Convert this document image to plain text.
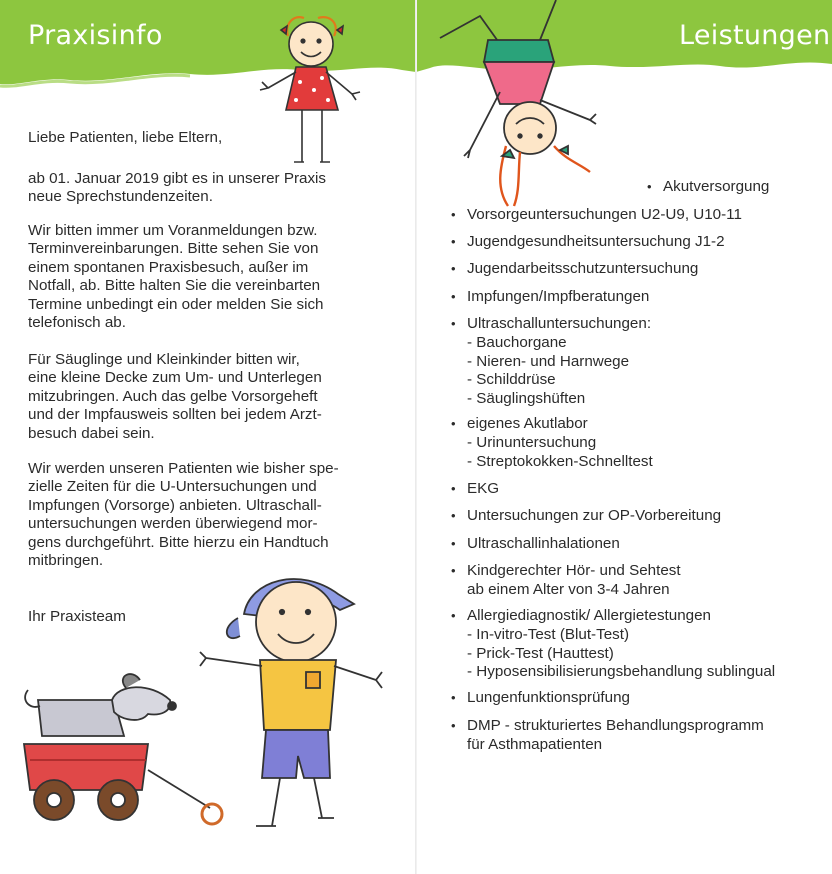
Praxisinfo	Leistungen

Liebe Patienten, liebe Eltern,

ab 01. Januar 2019 gibt es in unserer Praxis
neue Sprechstundenzeiten.

Wir bitten immer um Voranmeldungen bzw.
Terminvereinbarungen. Bitte sehen Sie von
einem spontanen Praxisbesuch, außer im
Notfall, ab. Bitte halten Sie die vereinbarten
Termine unbedingt ein oder melden Sie sich
telefonisch ab.

Für Säuglinge und Kleinkinder bitten wir,
eine kleine Decke zum Um- und Unterlegen
mitzubringen. Auch das gelbe Vorsorgeheft
und der Impfausweis sollten bei jedem Arzt-
besuch dabei sein.

Wir werden unseren Patienten wie bisher spe-
zielle Zeiten für die U-Untersuchungen und
Impfungen (Vorsorge) anbieten. Ultraschall-
untersuchungen werden überwiegend mor-
gens durchgeführt. Bitte hierzu ein Handtuch
mitbringen.

Ihr Praxisteam

• Akutversorgung
• Vorsorgeuntersuchungen U2-U9, U10-11
• Jugendgesundheitsuntersuchung J1-2
• Jugendarbeitsschutzuntersuchung
• Impfungen/Impfberatungen
• Ultraschalluntersuchungen:
- Bauchorgane
- Nieren- und Harnwege
- Schilddrüse
- Säuglingshüften
• eigenes Akutlabor
- Urinuntersuchung
- Streptokokken-Schnelltest
• EKG
• Untersuchungen zur OP-Vorbereitung
• Ultraschallinhalationen
• Kindgerechter Hör- und Sehtest
ab einem Alter von 3-4 Jahren
• Allergiediagnostik/ Allergietestungen
- In-vitro-Test (Blut-Test)
- Prick-Test (Hauttest)
- Hyposensibilisierungsbehandlung sublingual
• Lungenfunktionsprüfung
• DMP - strukturiertes Behandlungsprogramm
für Asthmapatienten
